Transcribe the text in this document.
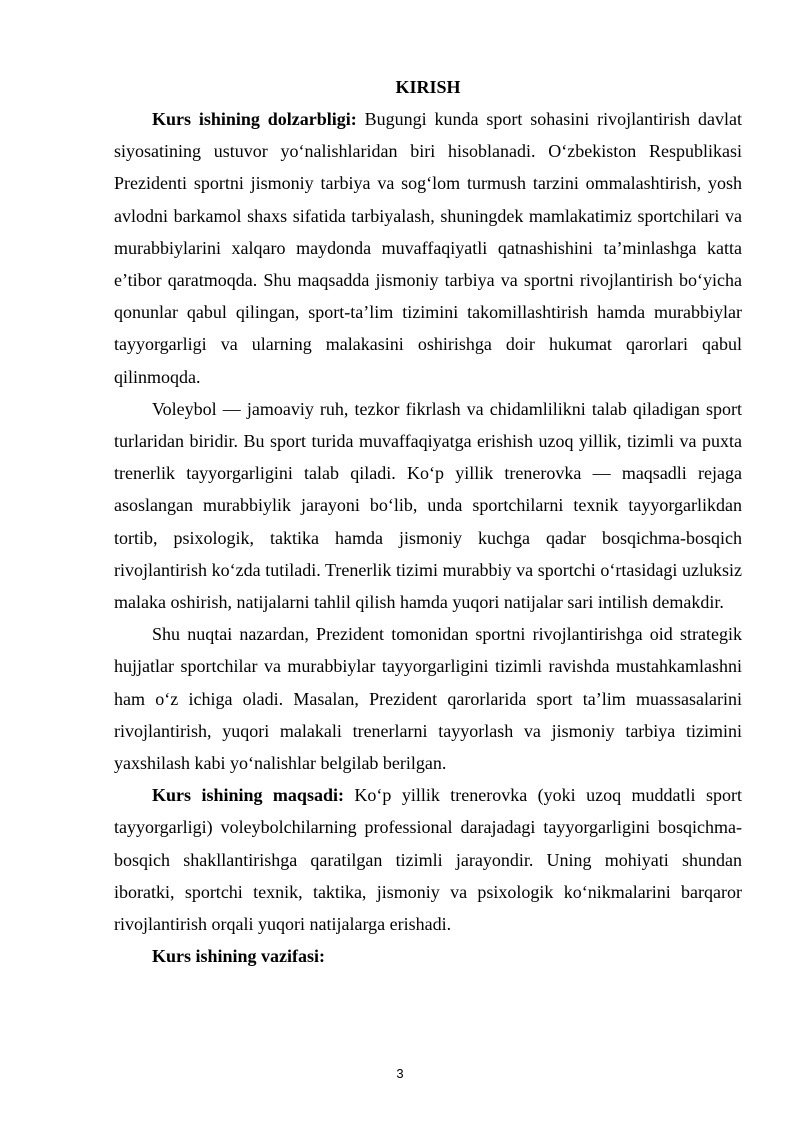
KIRISH

Kurs ishining dolzarbligi: Bugungi kunda sport sohasini rivojlantirish davlat siyosatining ustuvor yo‘nalishlaridan biri hisoblanadi. O‘zbekiston Respublikasi Prezidenti sportni jismoniy tarbiya va sog‘lom turmush tarzini ommalashtirish, yosh avlodni barkamol shaxs sifatida tarbiyalash, shuningdek mamlakatimiz sportchilari va murabbiylarini xalqaro maydonda muvaffaqiyatli qatnashishini ta’minlashga katta e’tibor qaratmoqda. Shu maqsadda jismoniy tarbiya va sportni rivojlantirish bo‘yicha qonunlar qabul qilingan, sport-ta’lim tizimini takomillashtirish hamda murabbiylar tayyorgarligi va ularning malakasini oshirishga doir hukumat qarorlari qabul qilinmoqda.

Voleybol — jamoaviy ruh, tezkor fikrlash va chidamlilikni talab qiladigan sport turlaridan biridir. Bu sport turida muvaffaqiyatga erishish uzoq yillik, tizimli va puxta trenerlik tayyorgarligini talab qiladi. Ko‘p yillik trenerovka — maqsadli rejaga asoslangan murabbiylik jarayoni bo‘lib, unda sportchilarni texnik tayyorgarlikdan tortib, psixologik, taktika hamda jismoniy kuchga qadar bosqichma-bosqich rivojlantirish ko‘zda tutiladi. Trenerlik tizimi murabbiy va sportchi o‘rtasidagi uzluksiz malaka oshirish, natijalarni tahlil qilish hamda yuqori natijalar sari intilish demakdir.

Shu nuqtai nazardan, Prezident tomonidan sportni rivojlantirishga oid strategik hujjatlar sportchilar va murabbiylar tayyorgarligini tizimli ravishda mustahkamlashni ham o‘z ichiga oladi. Masalan, Prezident qarorlarida sport ta’lim muassasalarini rivojlantirish, yuqori malakali trenerlarni tayyorlash va jismoniy tarbiya tizimini yaxshilash kabi yo‘nalishlar belgilab berilgan.

Kurs ishining maqsadi: Ko‘p yillik trenerovka (yoki uzoq muddatli sport tayyorgarligi) voleybolchilarning professional darajadagi tayyorgarligini bosqichma-bosqich shakllantirishga qaratilgan tizimli jarayondir. Uning mohiyati shundan iboratki, sportchi texnik, taktika, jismoniy va psixologik ko‘nikmalarini barqaror rivojlantirish orqali yuqori natijalarga erishadi.

Kurs ishining vazifasi:

3
